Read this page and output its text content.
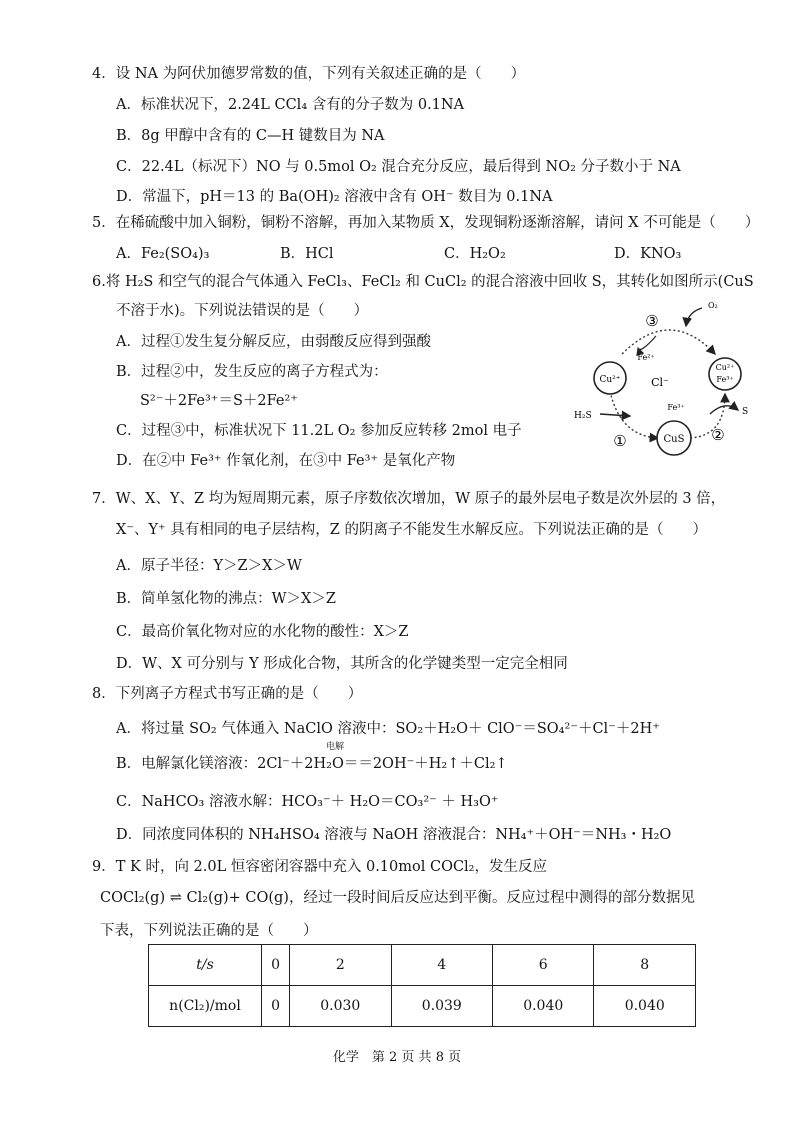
4．设 NA 为阿伏加德罗常数的值，下列有关叙述正确的是（　　）
A．标准状况下，2.24L CCl₄ 含有的分子数为 0.1NA
B．8g 甲醇中含有的 C—H 键数目为 NA
C．22.4L（标况下）NO 与 0.5mol O₂ 混合充分反应，最后得到 NO₂ 分子数小于 NA
D．常温下，pH＝13 的 Ba(OH)₂ 溶液中含有 OH⁻ 数目为 0.1NA
5．在稀硫酸中加入铜粉，铜粉不溶解，再加入某物质 X，发现铜粉逐渐溶解，请问 X 不可能是（　　）
A．Fe₂(SO₄)₃	B．HCl	C．H₂O₂	D．KNO₃
6.将 H₂S 和空气的混合气体通入 FeCl₃、FeCl₂ 和 CuCl₂ 的混合溶液中回收 S，其转化如图所示(CuS
不溶于水)。下列说法错误的是（　　）
A．过程①发生复分解反应，由弱酸反应得到强酸
B．过程②中，发生反应的离子方程式为：
S²⁻＋2Fe³⁺＝S＋2Fe²⁺
C．过程③中，标准状况下 11.2L O₂ 参加反应转移 2mol 电子
D．在②中 Fe³⁺ 作氧化剂，在③中 Fe³⁺ 是氧化产物
Cu²⁺
Cu²⁺
Fe³⁺
CuS
Cl⁻
Fe²⁺
Fe³⁺
O₂
H₂S	S
③
①	②
7．W、X、Y、Z 均为短周期元素，原子序数依次增加，W 原子的最外层电子数是次外层的 3 倍，
X⁻、Y⁺ 具有相同的电子层结构，Z 的阴离子不能发生水解反应。下列说法正确的是（　　）
A．原子半径：Y＞Z＞X＞W
B．简单氢化物的沸点：W＞X＞Z
C．最高价氧化物对应的水化物的酸性：X＞Z
D．W、X 可分别与 Y 形成化合物，其所含的化学键类型一定完全相同
8．下列离子方程式书写正确的是（　　）
A．将过量 SO₂ 气体通入 NaClO 溶液中：SO₂＋H₂O＋ ClO⁻＝SO₄²⁻＋Cl⁻＋2H⁺
电解
B．电解氯化镁溶液：2Cl⁻＋2H₂O＝＝2OH⁻＋H₂↑＋Cl₂↑
C．NaHCO₃ 溶液水解：HCO₃⁻＋ H₂O＝CO₃²⁻ ＋ H₃O⁺
D．同浓度同体积的 NH₄HSO₄ 溶液与 NaOH 溶液混合：NH₄⁺＋OH⁻＝NH₃・H₂O
9．T K 时，向 2.0L 恒容密闭容器中充入 0.10mol COCl₂，发生反应
COCl₂(g) ⇌ Cl₂(g)+ CO(g)，经过一段时间后反应达到平衡。反应过程中测得的部分数据见
下表，下列说法正确的是（　　）
t/s	0	2	4	6	8
n(Cl₂)/mol	0	0.030	0.039	0.040	0.040
化学　第 2 页 共 8 页
